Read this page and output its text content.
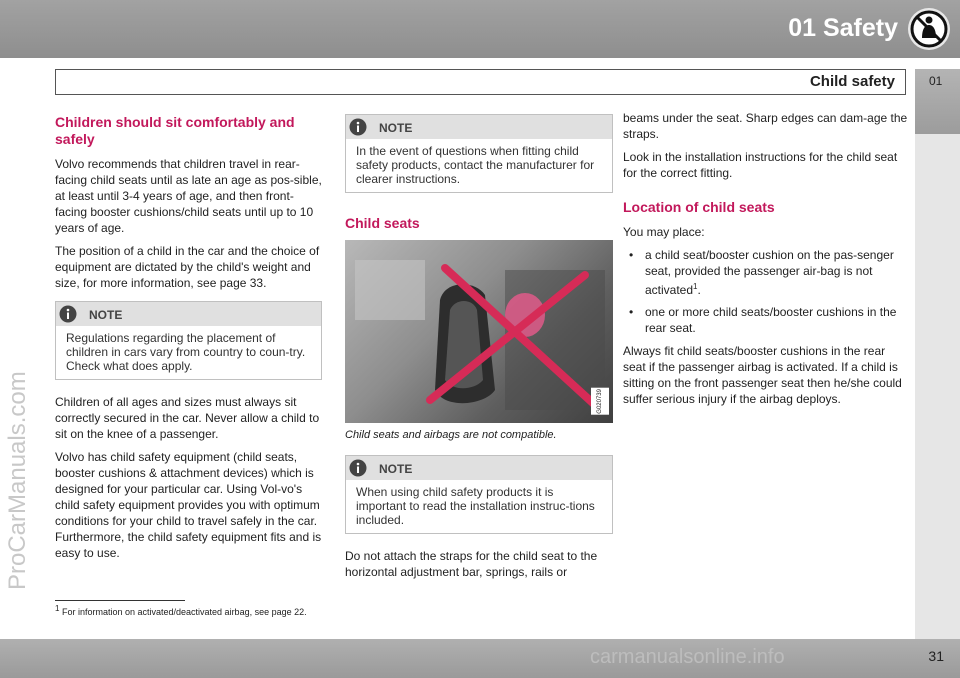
01 Safety
Child safety	01
ProCarManuals.com
Children should sit comfortably and safely

Volvo recommends that children travel in rear-facing child seats until as late an age as pos-sible, at least until 3-4 years of age, and then front-facing booster cushions/child seats until up to 10 years of age.

The position of a child in the car and the choice of equipment are dictated by the child's weight and size, for more information, see page 33.

NOTE
Regulations regarding the placement of children in cars vary from country to coun-try. Check what does apply.

Children of all ages and sizes must always sit correctly secured in the car. Never allow a child to sit on the knee of a passenger.

Volvo has child safety equipment (child seats, booster cushions & attachment devices) which is designed for your particular car. Using Vol-vo's child safety equipment provides you with optimum conditions for your child to travel safely in the car. Furthermore, the child safety equipment fits and is easy to use.

NOTE
In the event of questions when fitting child safety products, contact the manufacturer for clearer instructions.
Child seats
G020739
Child seats and airbags are not compatible.
NOTE
When using child safety products it is important to read the installation instruc-tions included.

Do not attach the straps for the child seat to the horizontal adjustment bar, springs, rails or

beams under the seat. Sharp edges can dam-age the straps.

Look in the installation instructions for the child seat for the correct fitting.

Location of child seats

You may place:

• a child seat/booster cushion on the pas-senger seat, provided the passenger air-bag is not activated$^1$.
• one or more child seats/booster cushions in the rear seat.

Always fit child seats/booster cushions in the rear seat if the passenger airbag is activated. If a child is sitting on the front passenger seat then he/she could suffer serious injury if the airbag deploys.

$^1$ For information on activated/deactivated airbag, see page 22.
31
carmanualsonline.info
